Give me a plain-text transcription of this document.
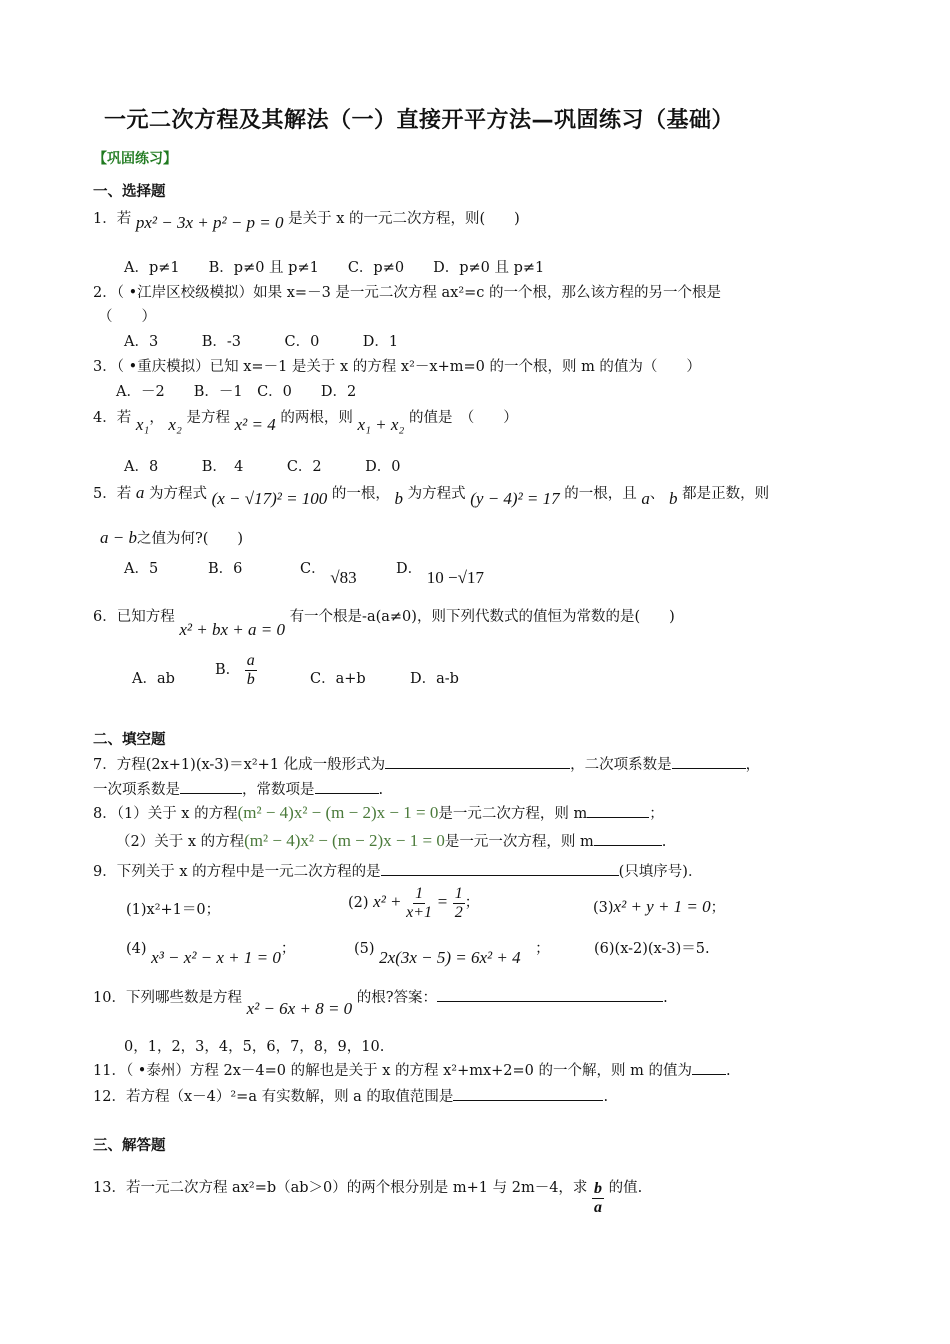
一元二次方程及其解法（一）直接开平方法—巩固练习（基础）
【巩固练习】
一、选择题
1．若 px² − 3x + p² − p = 0 是关于 x 的一元二次方程，则(　　)
A．p≠1　　B．p≠0 且 p≠1　　C．p≠0　　D．p≠0 且 p≠1
2．（ •江岸区校级模拟）如果 x=－3 是一元二次方程 ax²=c 的一个根，那么该方程的另一个根是
（　　）
A．3　　　B．-3　　　C．0　　　D．1
3．（ •重庆模拟）已知 x=－1 是关于 x 的方程 x²－x+m=0 的一个根，则 m 的值为（　　）
A．－2　　B．－1　C．0　　D．2
4．若 x₁， x₂ 是方程 x² = 4 的两根，则 x₁ + x₂ 的值是　（　　）
A．8　　　B．　4　　　C．2　　　D．0
5．若 a 为方程式 (x − √17)² = 100 的一根， b 为方程式 (y − 4)² = 17 的一根，且 a、 b 都是正数，则
a − b之值为何?(　　)
A．5	B．6	C． √83	D． 10 −√17
6．已知方程 x² + bx + a = 0 有一个根是-a(a≠0)，则下列代数式的值恒为常数的是(　　)
A．ab
B． $\frac{a}{b}$	C．a+b	D．a-b
二、填空题
7．方程(2x+1)(x-3)＝x²+1 化成一般形式为	，二次项系数是	，
一次项系数是	，常数项是	.
8．（1）关于 x 的方程(m² − 4)x² − (m − 2)x − 1 = 0是一元二次方程，则 m	；
（2）关于 x 的方程(m² − 4)x² − (m − 2)x − 1 = 0是一元一次方程，则 m	.
9．下列关于 x 的方程中是一元二次方程的是	(只填序号)．
(1)x²+1＝0；	(2) $x^2 + \frac{1}{x+1} = \frac{1}{2}$ ；	(3)x² + y + 1 = 0；
(4) x³ − x² − x + 1 = 0；	(5) 2x(3x − 5) = 6x² + 4　 ；	(6)(x-2)(x-3)＝5.
10．下列哪些数是方程 x² − 6x + 8 = 0 的根?答案：	.
0，1，2，3，4，5，6，7，8，9，10.
11．（ •泰州）方程 2x－4=0 的解也是关于 x 的方程 x²+mx+2=0 的一个解，则 m 的值为 .
12．若方程（x－4）²=a 有实数解，则 a 的取值范围是	.
三、解答题
13．若一元二次方程 ax²=b（ab＞0）的两个根分别是 m+1 与 2m－4，求 $\frac{b}{a}$ 的值.
